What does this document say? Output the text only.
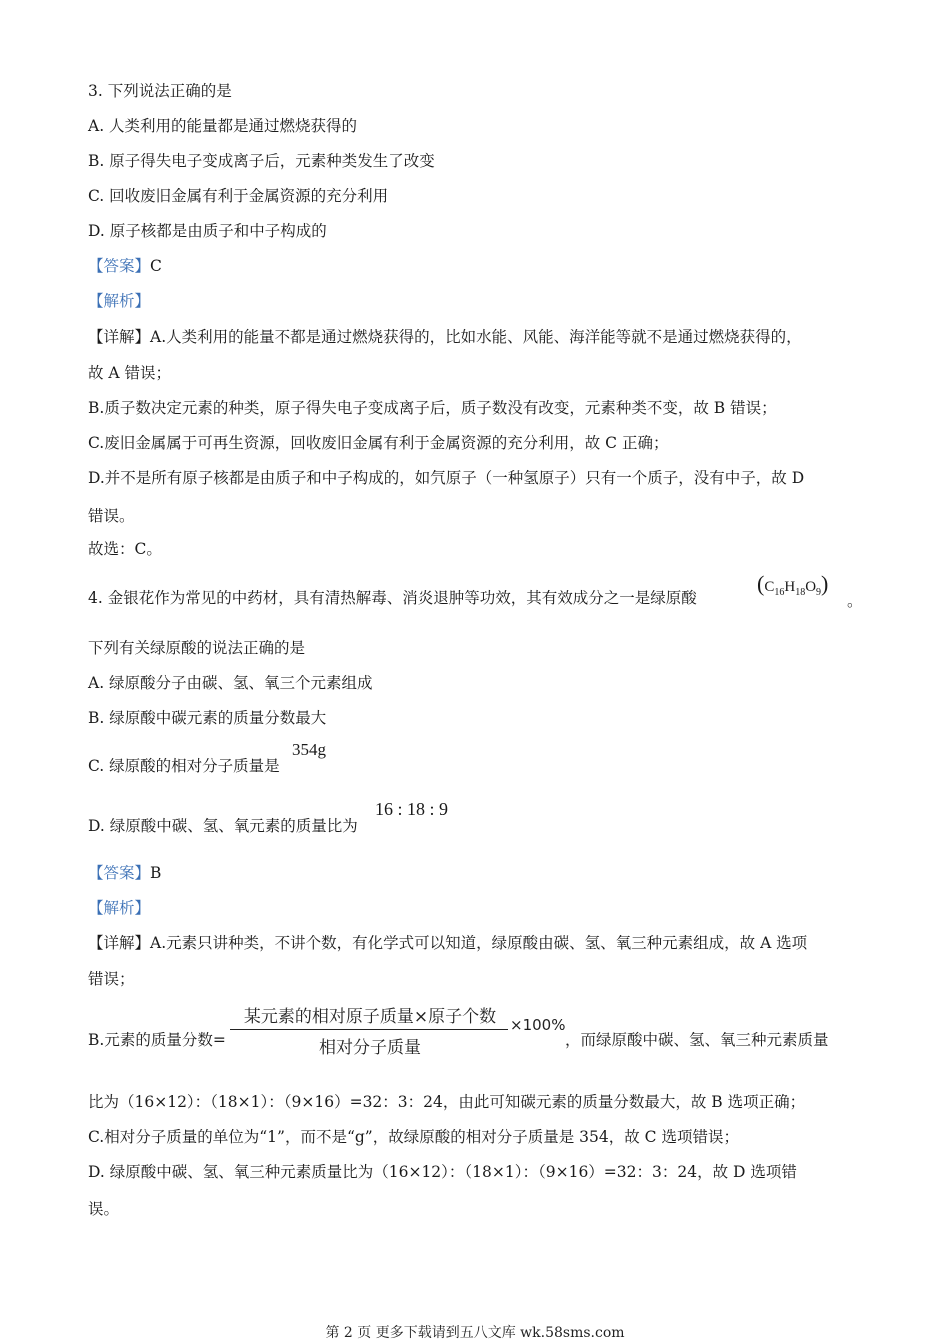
3. 下列说法正确的是
A. 人类利用的能量都是通过燃烧获得的
B. 原子得失电子变成离子后，元素种类发生了改变
C. 回收废旧金属有利于金属资源的充分利用
D. 原子核都是由质子和中子构成的
【答案】C
【解析】
【详解】A.人类利用的能量不都是通过燃烧获得的，比如水能、风能、海洋能等就不是通过燃烧获得的，
故 A 错误；
B.质子数决定元素的种类，原子得失电子变成离子后，质子数没有改变，元素种类不变，故 B 错误；
C.废旧金属属于可再生资源，回收废旧金属有利于金属资源的充分利用，故 C 正确；
D.并不是所有原子核都是由质子和中子构成的，如氕原子（一种氢原子）只有一个质子，没有中子，故 D
错误。
故选：C。
4. 金银花作为常见的中药材，具有清热解毒、消炎退肿等功效，其有效成分之一是绿原酸
$(C_{16}H_{18}O_9)$
。
下列有关绿原酸的说法正确的是
A. 绿原酸分子由碳、氢、氧三个元素组成
B. 绿原酸中碳元素的质量分数最大
C. 绿原酸的相对分子质量是
354g
D. 绿原酸中碳、氢、氧元素的质量比为
16 : 18 : 9
【答案】B
【解析】
【详解】A.元素只讲种类，不讲个数，有化学式可以知道，绿原酸由碳、氢、氧三种元素组成，故 A 选项
错误；
B.元素的质量分数=
某元素的相对原子质量×原子个数
相对分子质量
×100%
，而绿原酸中碳、氢、氧三种元素质量
比为（16×12）：（18×1）：（9×16）=32：3：24，由此可知碳元素的质量分数最大，故 B 选项正确；
C.相对分子质量的单位为“1”，而不是“g”，故绿原酸的相对分子质量是 354，故 C 选项错误；
D. 绿原酸中碳、氢、氧三种元素质量比为（16×12）：（18×1）：（9×16）=32：3：24，故 D 选项错
误。
第 2 页 更多下载请到五八文库 wk.58sms.com
